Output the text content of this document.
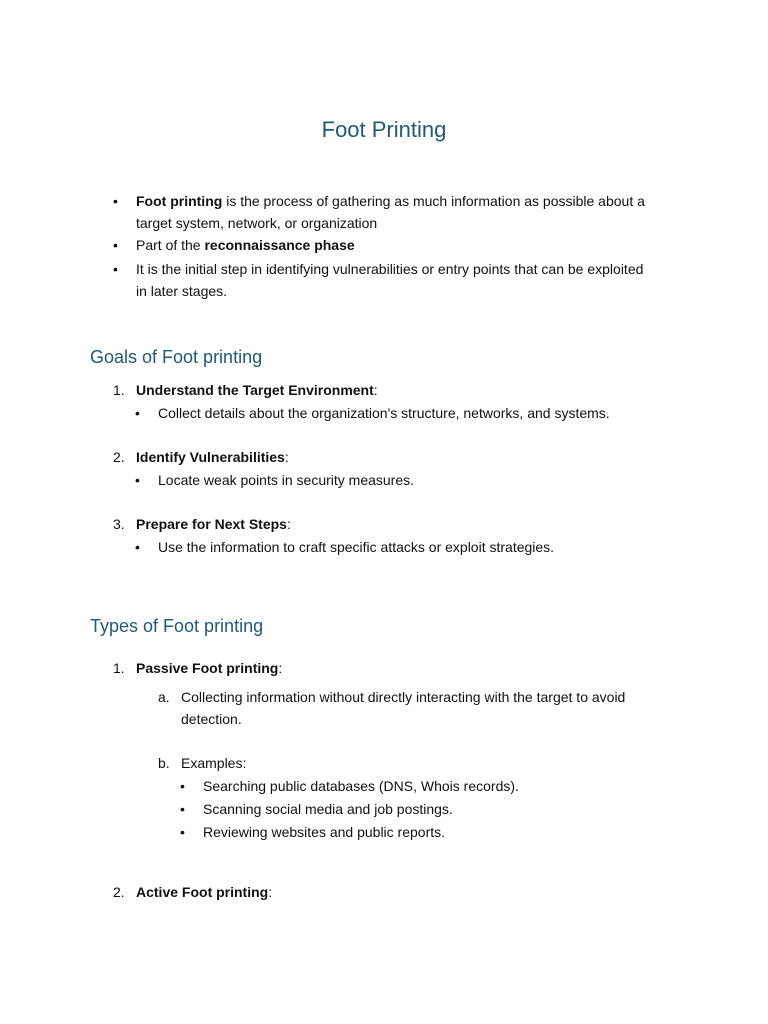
Foot Printing
• Foot printing is the process of gathering as much information as possible about a
target system, network, or organization
• Part of the reconnaissance phase
• It is the initial step in identifying vulnerabilities or entry points that can be exploited
in later stages.
Goals of Foot printing
1. Understand the Target Environment:
• Collect details about the organization's structure, networks, and systems.
2. Identify Vulnerabilities:
• Locate weak points in security measures.
3. Prepare for Next Steps:
• Use the information to craft specific attacks or exploit strategies.
Types of Foot printing
1. Passive Foot printing:
a. Collecting information without directly interacting with the target to avoid
detection.
b. Examples:
• Searching public databases (DNS, Whois records).
• Scanning social media and job postings.
• Reviewing websites and public reports.
2. Active Foot printing:
